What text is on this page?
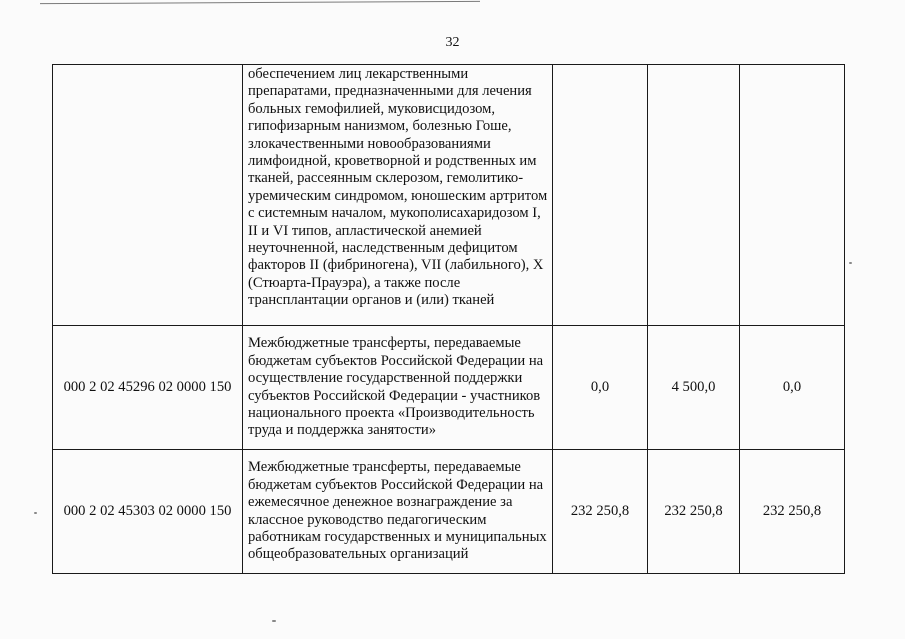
32
	обеспечением лиц лекарственными препаратами, предназначенными для лечения больных гемофилией, муковисцидозом, гипофизарным нанизмом, болезнью Гоше, злокачественными новообразованиями лимфоидной, кроветворной и родственных им тканей, рассеянным склерозом, гемолитико-уремическим синдромом, юношеским артритом с системным началом, мукополисахаридозом I, II и VI типов, апластической анемией неуточненной, наследственным дефицитом факторов II (фибриногена), VII (лабильного), X (Стюарта-Прауэра), а также после трансплантации органов и (или) тканей			
000 2 02 45296 02 0000 150	Межбюджетные трансферты, передаваемые бюджетам субъектов Российской Федерации на осуществление государственной поддержки субъектов Российской Федерации - участников национального проекта «Производительность труда и поддержка занятости»	0,0	4 500,0	0,0
000 2 02 45303 02 0000 150	Межбюджетные трансферты, передаваемые бюджетам субъектов Российской Федерации на ежемесячное денежное вознаграждение за классное руководство педагогическим работникам государственных и муниципальных общеобразовательных организаций	232 250,8	232 250,8	232 250,8
